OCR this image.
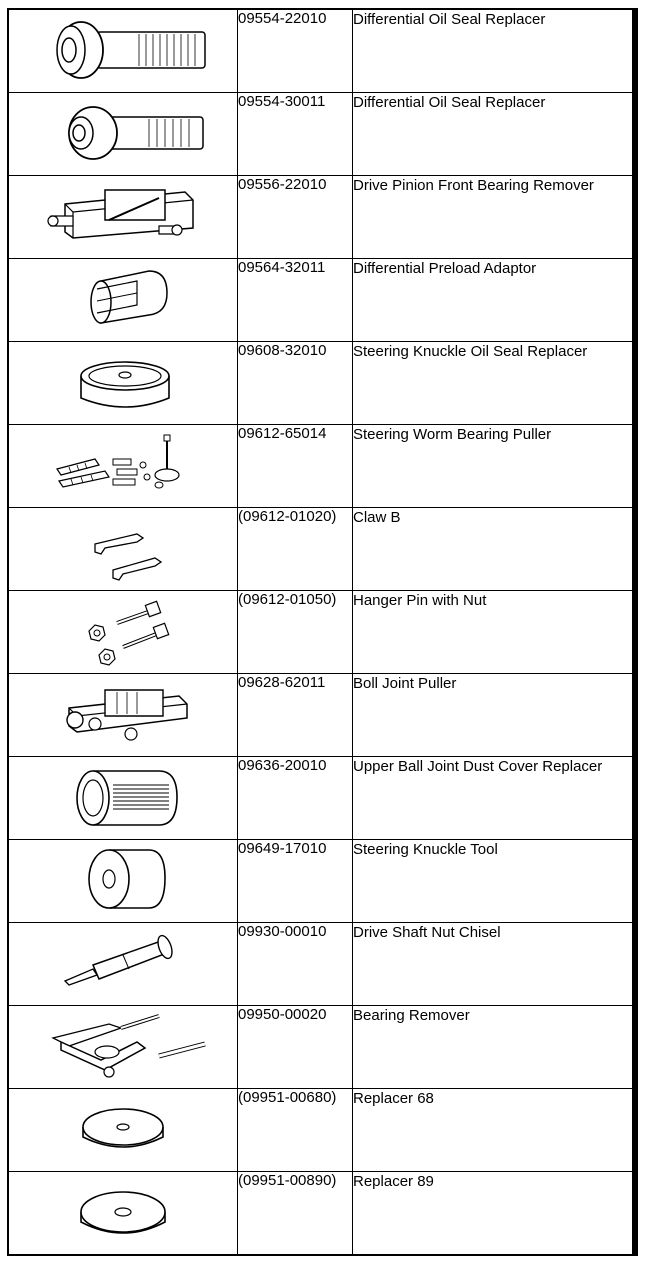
09554-22010	Differential Oil Seal Replacer	

09554-30011	Differential Oil Seal Replacer	

09556-22010	Drive Pinion Front Bearing Remover	

09564-32011	Differential Preload Adaptor	

09608-32010	Steering Knuckle Oil Seal Replacer	

09612-65014	Steering Worm Bearing Puller	

(09612-01020)	Claw B	

(09612-01050)	Hanger Pin with Nut	

09628-62011	Boll Joint Puller	

09636-20010	Upper Ball Joint Dust Cover Replacer	

09649-17010	Steering Knuckle Tool	

09930-00010	Drive Shaft Nut Chisel	

09950-00020	Bearing Remover	

(09951-00680)	Replacer 68	

(09951-00890)	Replacer 89	
